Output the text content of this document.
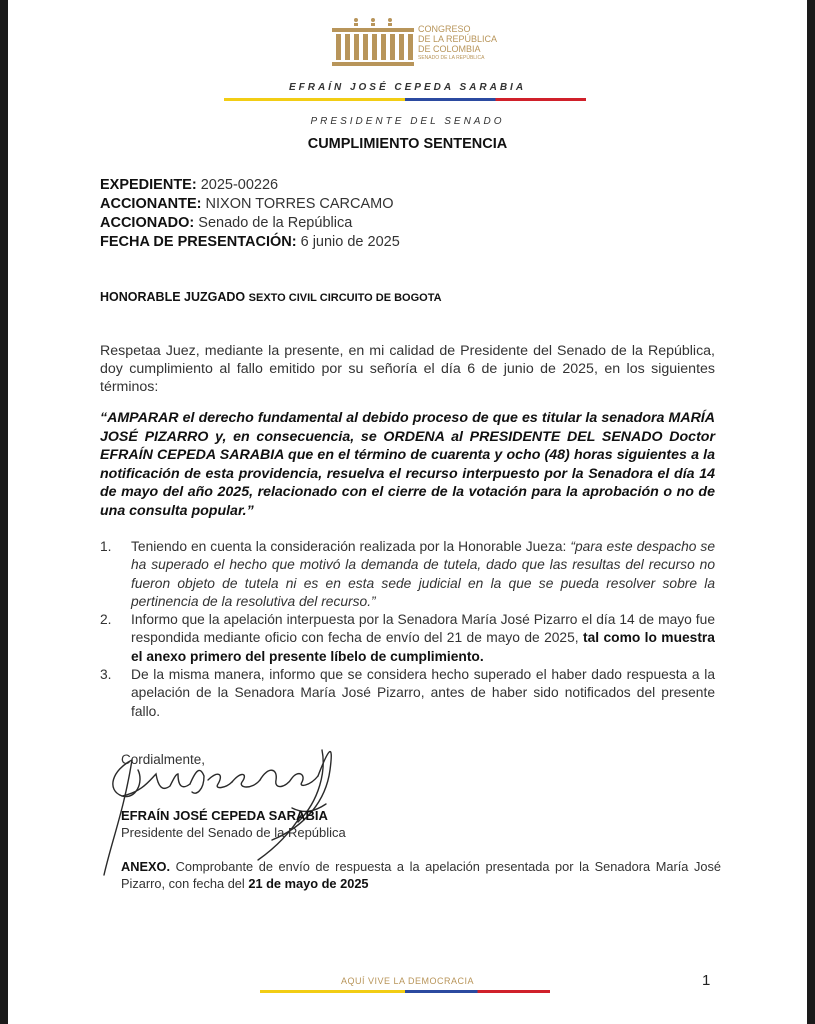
CONGRESO
DE LA REPÚBLICA
DE COLOMBIA
SENADO DE LA REPÚBLICA
EFRAÍN JOSÉ CEPEDA SARABIA
PRESIDENTE DEL SENADO
CUMPLIMIENTO SENTENCIA
EXPEDIENTE: 2025-00226
ACCIONANTE: NIXON TORRES CARCAMO
ACCIONADO: Senado de la República
FECHA DE PRESENTACIÓN: 6 junio de 2025
HONORABLE JUZGADO SEXTO CIVIL CIRCUITO DE BOGOTA
Respetaa Juez, mediante la presente, en mi calidad de Presidente del Senado de la República, doy cumplimiento al fallo emitido por su señoría el día 6 de junio de 2025, en los siguientes términos:
“AMPARAR el derecho fundamental al debido proceso de que es titular la senadora MARÍA JOSÉ PIZARRO y, en consecuencia, se ORDENA al PRESIDENTE DEL SENADO Doctor EFRAÍN CEPEDA SARABIA que en el término de cuarenta y ocho (48) horas siguientes a la notificación de esta providencia, resuelva el recurso interpuesto por la Senadora el día 14 de mayo del año 2025, relacionado con el cierre de la votación para la aprobación o no de una consulta popular.”
1.	Teniendo en cuenta la consideración realizada por la Honorable Jueza: “para este despacho se ha superado el hecho que motivó la demanda de tutela, dado que las resultas del recurso no fueron objeto de tutela ni es en esta sede judicial en la que se pueda resolver sobre la pertinencia de la resolutiva del recurso.”
2.	Informo que la apelación interpuesta por la Senadora María José Pizarro el día 14 de mayo fue respondida mediante oficio con fecha de envío del 21 de mayo de 2025, tal como lo muestra el anexo primero del presente líbelo de cumplimiento.
3.	De la misma manera, informo que se considera hecho superado el haber dado respuesta a la apelación de la Senadora María José Pizarro, antes de haber sido notificados del presente fallo.
Cordialmente,
EFRAÍN JOSÉ CEPEDA SARABIA
Presidente del Senado de la República
ANEXO. Comprobante de envío de respuesta a la apelación presentada por la Senadora María José Pizarro, con fecha del 21 de mayo de 2025
AQUÍ VIVE LA DEMOCRACIA	1
